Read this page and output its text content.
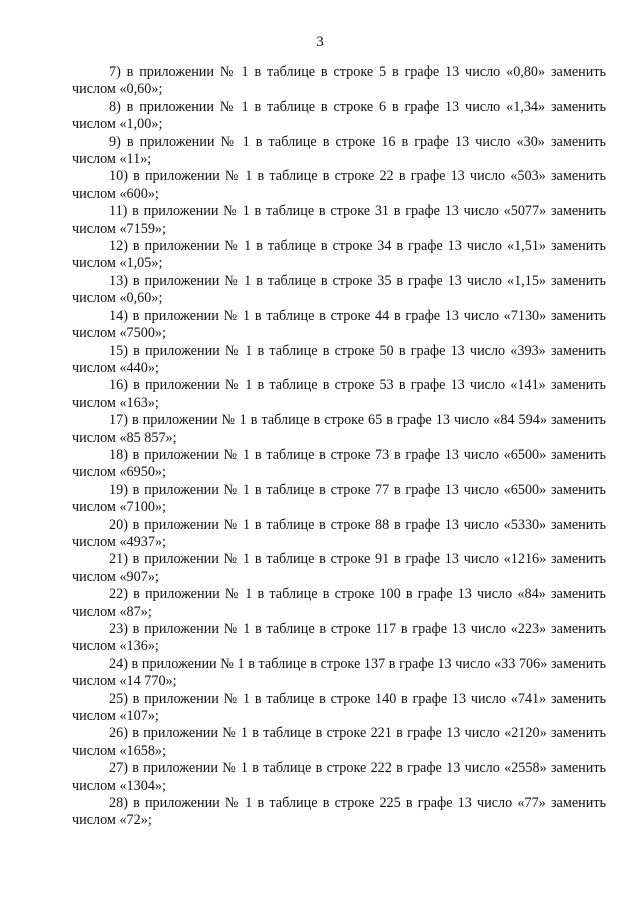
3

7) в приложении № 1 в таблице в строке 5 в графе 13 число «0,80» заменить числом «0,60»;

8) в приложении № 1 в таблице в строке 6 в графе 13 число «1,34» заменить числом «1,00»;

9) в приложении № 1 в таблице в строке 16 в графе 13 число «30» заменить числом «11»;

10) в приложении № 1 в таблице в строке 22 в графе 13 число «503» заменить числом «600»;

11) в приложении № 1 в таблице в строке 31 в графе 13 число «5077» заменить числом «7159»;

12) в приложении № 1 в таблице в строке 34 в графе 13 число «1,51» заменить числом «1,05»;

13) в приложении № 1 в таблице в строке 35 в графе 13 число «1,15» заменить числом «0,60»;

14) в приложении № 1 в таблице в строке 44 в графе 13 число «7130» заменить числом «7500»;

15) в приложении № 1 в таблице в строке 50 в графе 13 число «393» заменить числом «440»;

16) в приложении № 1 в таблице в строке 53 в графе 13 число «141» заменить числом «163»;

17) в приложении № 1 в таблице в строке 65 в графе 13 число «84 594» заменить числом «85 857»;

18) в приложении № 1 в таблице в строке 73 в графе 13 число «6500» заменить числом «6950»;

19) в приложении № 1 в таблице в строке 77 в графе 13 число «6500» заменить числом «7100»;

20) в приложении № 1 в таблице в строке 88 в графе 13 число «5330» заменить числом «4937»;

21) в приложении № 1 в таблице в строке 91 в графе 13 число «1216» заменить числом «907»;

22) в приложении № 1 в таблице в строке 100 в графе 13 число «84» заменить числом «87»;

23) в приложении № 1 в таблице в строке 117 в графе 13 число «223» заменить числом «136»;

24) в приложении № 1 в таблице в строке 137 в графе 13 число «33 706» заменить числом «14 770»;

25) в приложении № 1 в таблице в строке 140 в графе 13 число «741» заменить числом «107»;

26) в приложении № 1 в таблице в строке 221 в графе 13 число «2120» заменить числом «1658»;

27) в приложении № 1 в таблице в строке 222 в графе 13 число «2558» заменить числом «1304»;

28) в приложении № 1 в таблице в строке 225 в графе 13 число «77» заменить числом «72»;
